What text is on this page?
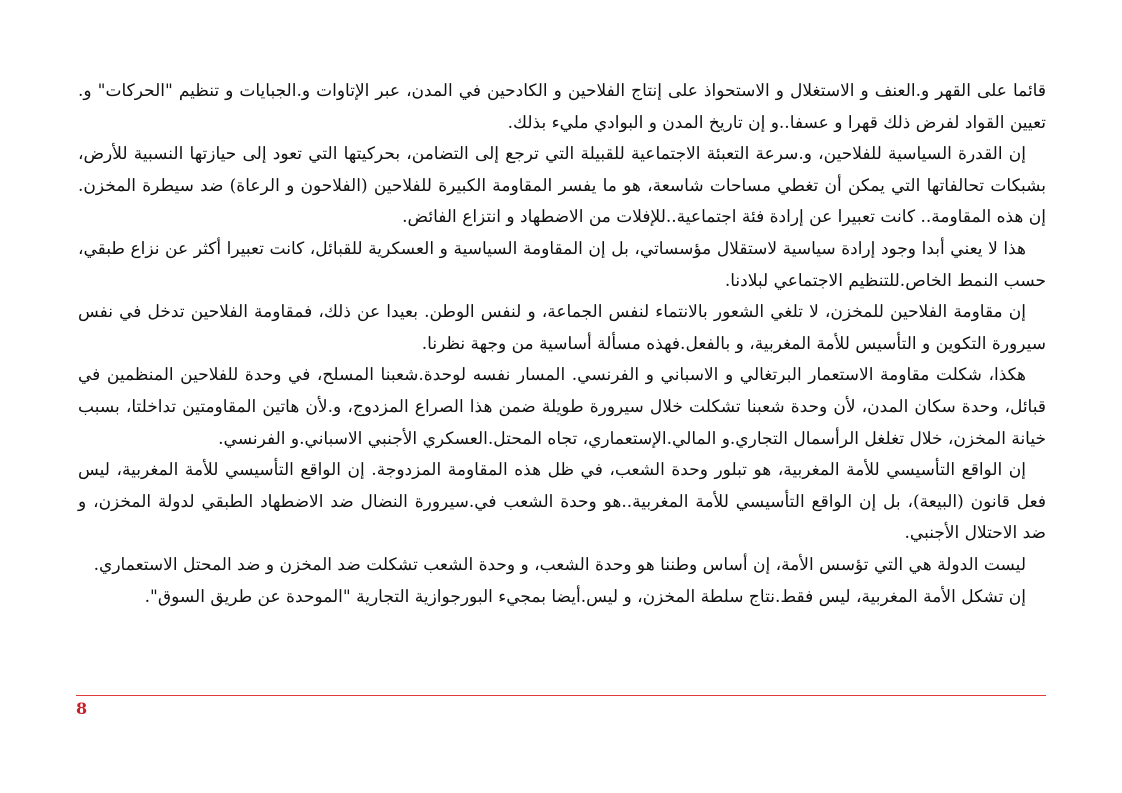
قائما على القهر و.العنف و الاستغلال و الاستحواذ على إنتاج الفلاحين و الكادحين في المدن، عبر الإتاوات و.الجبايات و تنظيم "الحركات" و. تعيين القواد لفرض ذلك قهرا و عسفا..و إن تاريخ المدن و البوادي مليء بذلك.

إن القدرة السياسية للفلاحين، و.سرعة التعبئة الاجتماعية للقبيلة التي ترجع إلى التضامن، بحركيتها التي تعود إلى حيازتها النسبية للأرض، بشبكات تحالفاتها التي يمكن أن تغطي مساحات شاسعة، هو ما يفسر المقاومة الكبيرة للفلاحين (الفلاحون و الرعاة) ضد سيطرة المخزن. إن هذه المقاومة.. كانت تعبيرا عن إرادة فئة اجتماعية..للإفلات من الاضطهاد و انتزاع الفائض.

هذا لا يعني أبدا وجود إرادة سياسية لاستقلال مؤسساتي، بل إن المقاومة السياسية و العسكرية للقبائل، كانت تعبيرا أكثر عن نزاع طبقي، حسب النمط الخاص.للتنظيم الاجتماعي لبلادنا.

إن مقاومة الفلاحين للمخزن، لا تلغي الشعور بالانتماء لنفس الجماعة، و لنفس الوطن. بعيدا عن ذلك، فمقاومة الفلاحين تدخل في نفس سيرورة التكوين و التأسيس للأمة المغربية، و بالفعل.فهذه مسألة أساسية من وجهة نظرنا.

هكذا، شكلت مقاومة الاستعمار البرتغالي و الاسباني و الفرنسي. المسار نفسه لوحدة.شعبنا المسلح، في وحدة للفلاحين المنظمين في قبائل، وحدة سكان المدن، لأن وحدة شعبنا تشكلت خلال سيرورة طويلة ضمن هذا الصراع المزدوج، و.لأن هاتين المقاومتين تداخلتا، بسبب خيانة المخزن، خلال تغلغل الرأسمال التجاري.و المالي.الإستعماري، تجاه المحتل.العسكري الأجنبي الاسباني.و الفرنسي.

إن الواقع التأسيسي للأمة المغربية، هو تبلور وحدة الشعب، في ظل هذه المقاومة المزدوجة. إن الواقع التأسيسي للأمة المغربية، ليس فعل قانون (البيعة)، بل إن الواقع التأسيسي للأمة المغربية..هو وحدة الشعب في.سيرورة النضال ضد الاضطهاد الطبقي لدولة المخزن، و ضد الاحتلال الأجنبي.

ليست الدولة هي التي تؤسس الأمة، إن أساس وطننا هو وحدة الشعب، و وحدة الشعب تشكلت ضد المخزن و ضد المحتل الاستعماري.

إن تشكل الأمة المغربية، ليس فقط.نتاج سلطة المخزن، و ليس.أيضا بمجيء البورجوازية التجارية "الموحدة عن طريق السوق".

8
